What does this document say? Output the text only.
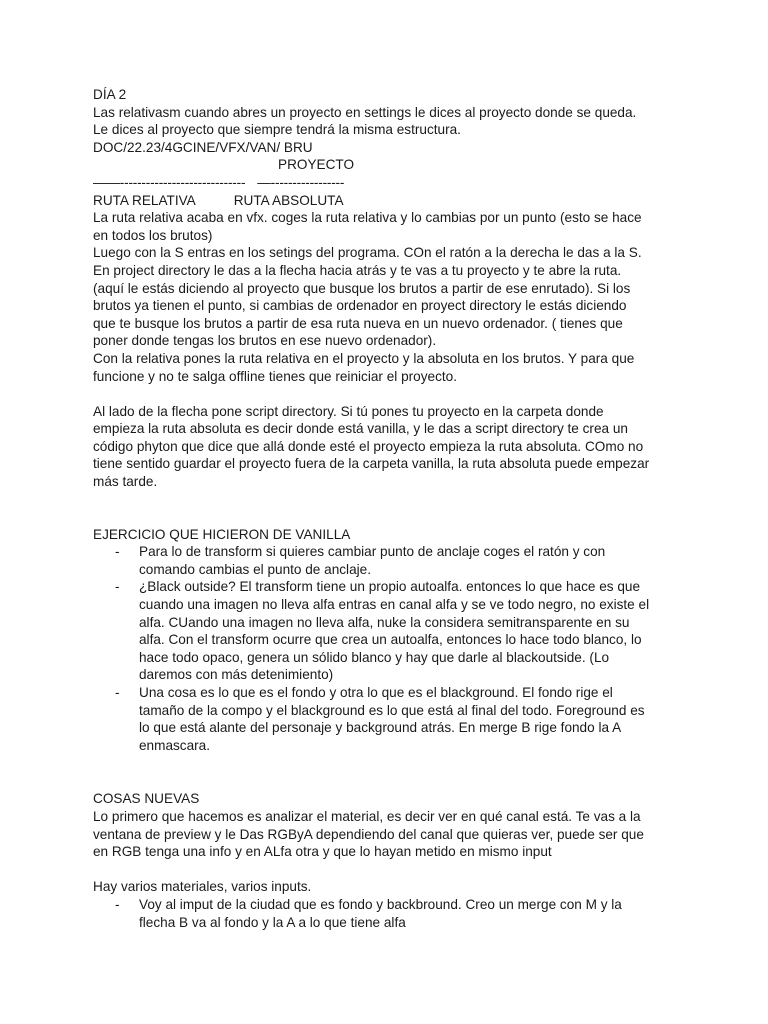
DÍA 2
Las relativasm cuando abres un proyecto en settings le dices al proyecto donde se queda.
Le dices al proyecto que siempre tendrá la misma estructura.
DOC/22.23/4GCINE/VFX/VAN/ BRU
PROYECTO
——----------------------------- —-----------------
RUTA RELATIVA	RUTA ABSOLUTA
La ruta relativa acaba en vfx. coges la ruta relativa y lo cambias por un punto (esto se hace
en todos los brutos)
Luego con la S entras en los setings del programa. COn el ratón a la derecha le das a la S.
En project directory le das a la flecha hacia atrás y te vas a tu proyecto y te abre la ruta.
(aquí le estás diciendo al proyecto que busque los brutos a partir de ese enrutado). Si los
brutos ya tienen el punto, si cambias de ordenador en proyect directory le estás diciendo
que te busque los brutos a partir de esa ruta nueva en un nuevo ordenador. ( tienes que
poner donde tengas los brutos en ese nuevo ordenador).
Con la relativa pones la ruta relativa en el proyecto y la absoluta en los brutos. Y para que
funcione y no te salga offline tienes que reiniciar el proyecto.
Al lado de la flecha pone script directory. Si tú pones tu proyecto en la carpeta donde
empieza la ruta absoluta es decir donde está vanilla, y le das a script directory te crea un
código phyton que dice que allá donde esté el proyecto empieza la ruta absoluta. COmo no
tiene sentido guardar el proyecto fuera de la carpeta vanilla, la ruta absoluta puede empezar
más tarde.
EJERCICIO QUE HICIERON DE VANILLA
- Para lo de transform si quieres cambiar punto de anclaje coges el ratón y con
comando cambias el punto de anclaje.
- ¿Black outside? El transform tiene un propio autoalfa. entonces lo que hace es que
cuando una imagen no lleva alfa entras en canal alfa y se ve todo negro, no existe el
alfa. CUando una imagen no lleva alfa, nuke la considera semitransparente en su
alfa. Con el transform ocurre que crea un autoalfa, entonces lo hace todo blanco, lo
hace todo opaco, genera un sólido blanco y hay que darle al blackoutside. (Lo
daremos con más detenimiento)
- Una cosa es lo que es el fondo y otra lo que es el blackground. El fondo rige el
tamaño de la compo y el blackground es lo que está al final del todo. Foreground es
lo que está alante del personaje y background atrás. En merge B rige fondo la A
enmascara.
COSAS NUEVAS
Lo primero que hacemos es analizar el material, es decir ver en qué canal está. Te vas a la
ventana de preview y le Das RGByA dependiendo del canal que quieras ver, puede ser que
en RGB tenga una info y en ALfa otra y que lo hayan metido en mismo input
Hay varios materiales, varios inputs.
- Voy al imput de la ciudad que es fondo y backbround. Creo un merge con M y la
flecha B va al fondo y la A a lo que tiene alfa
